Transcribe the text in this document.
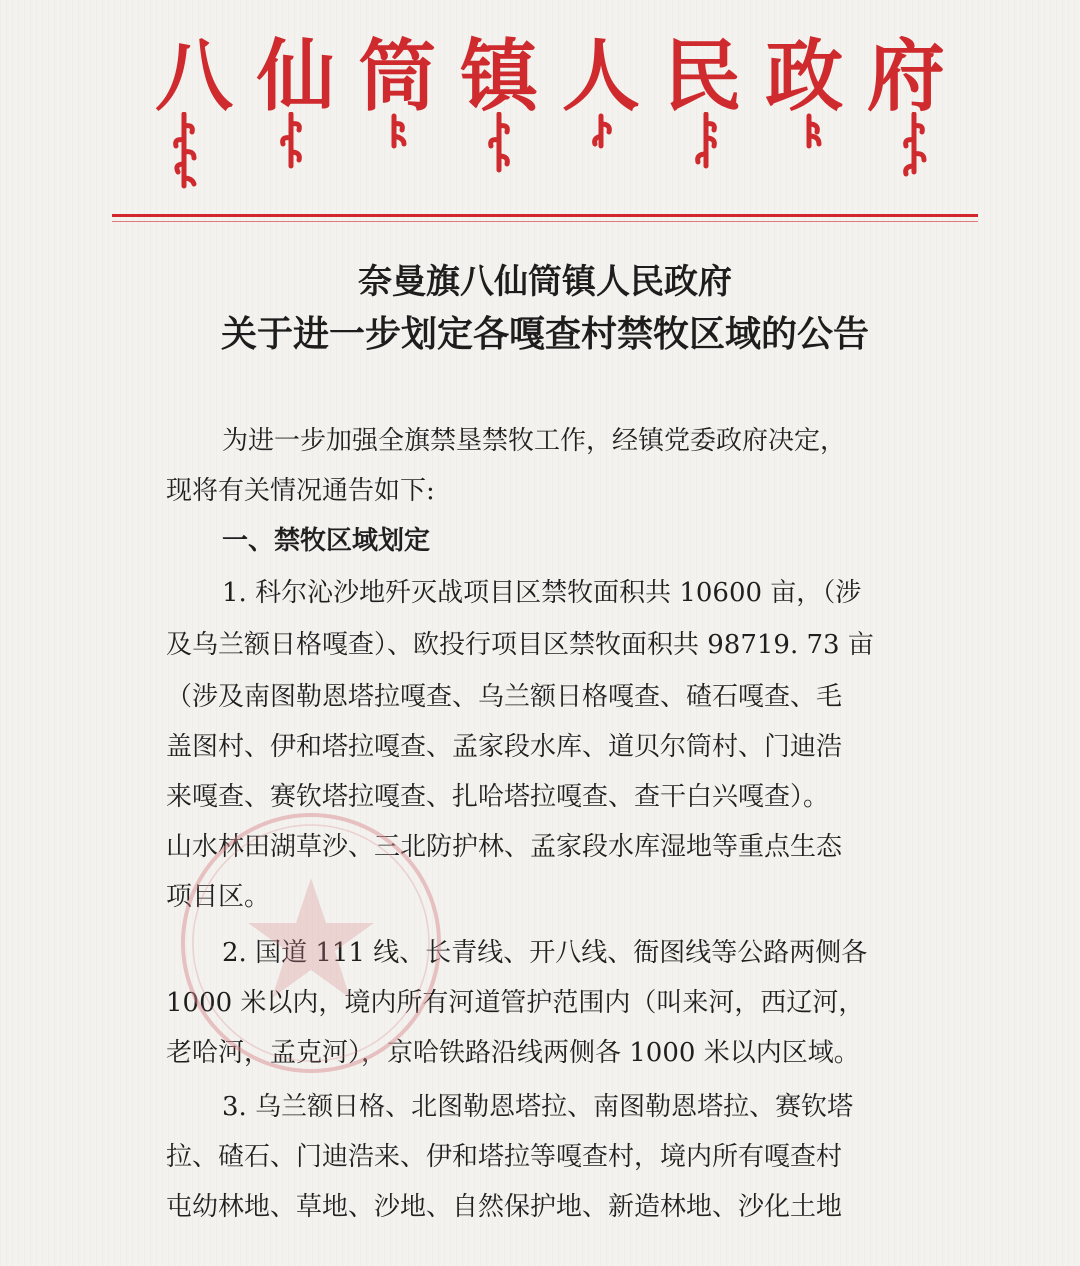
八 仙 筒 镇 人 民 政 府
奈曼旗八仙筒镇人民政府
关于进一步划定各嘎查村禁牧区域的公告

为进一步加强全旗禁垦禁牧工作，经镇党委政府决定，

现将有关情况通告如下:

一、禁牧区域划定

1. 科尔沁沙地歼灭战项目区禁牧面积共 10600 亩，（涉

及乌兰额日格嘎查）、欧投行项目区禁牧面积共 98719. 73 亩

（涉及南图勒恩塔拉嘎查、乌兰额日格嘎查、碴石嘎查、毛

盖图村、伊和塔拉嘎查、孟家段水库、道贝尔筒村、门迪浩

来嘎查、赛钦塔拉嘎查、扎哈塔拉嘎查、查干白兴嘎查）。

山水林田湖草沙、三北防护林、孟家段水库湿地等重点生态

项目区。

2. 国道 111 线、长青线、开八线、衙图线等公路两侧各

1000 米以内，境内所有河道管护范围内（叫来河，西辽河，

老哈河，孟克河），京哈铁路沿线两侧各 1000 米以内区域。

3. 乌兰额日格、北图勒恩塔拉、南图勒恩塔拉、赛钦塔

拉、碴石、门迪浩来、伊和塔拉等嘎查村，境内所有嘎查村

屯幼林地、草地、沙地、自然保护地、新造林地、沙化土地
